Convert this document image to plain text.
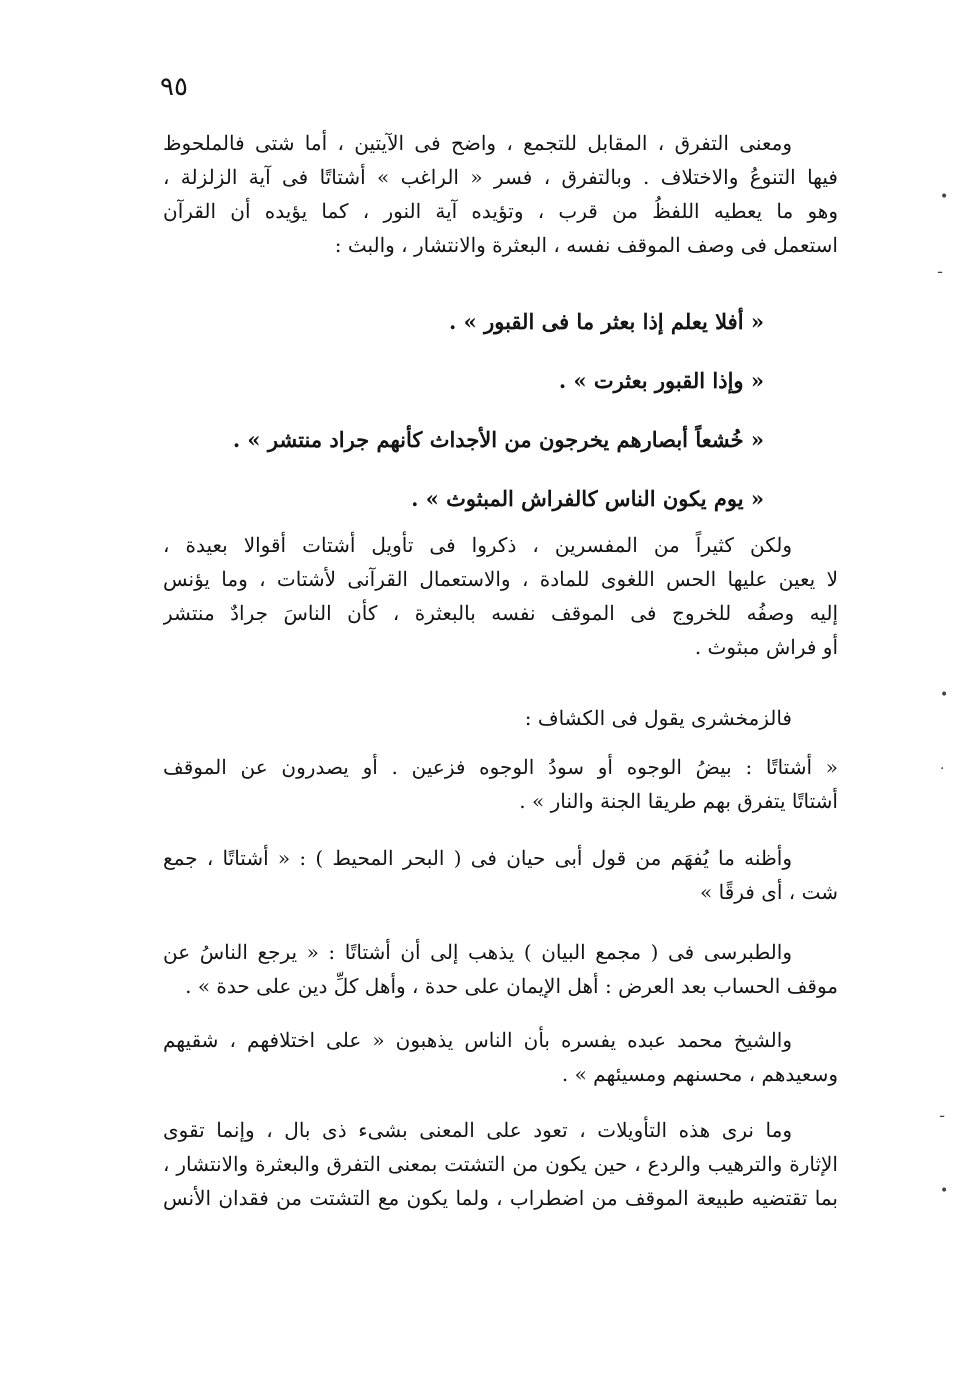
٩٥
ومعنى التفرق ، المقابل للتجمع ، واضح فى الآيتين ، أما شتى فالملحوظ
فيها التنوعُ والاختلاف . وبالتفرق ، فسر « الراغب » أشتاتًا فى آية الزلزلة ،
وهو ما يعطيه اللفظُ من قرب ، وتؤيده آية النور ، كما يؤيده أن القرآن
استعمل فى وصف الموقف نفسه ، البعثرة والانتشار ، والبث :
« أفلا يعلم إذا بعثر ما فى القبور » .
« وإذا القبور بعثرت » .
« خُشعاً أبصارهم يخرجون من الأجداث كأنهم جراد منتشر » .
« يوم يكون الناس كالفراش المبثوث » .
ولكن كثيراً من المفسرين ، ذكروا فى تأويل أشتات أقوالا بعيدة ،
لا يعين عليها الحس اللغوى للمادة ، والاستعمال القرآنى لأشتات ، وما يؤنس
إليه وصفُه للخروج فى الموقف نفسه بالبعثرة ، كأن الناسَ جرادٌ منتشر
أو فراش مبثوث .
فالزمخشرى يقول فى الكشاف :
« أشتاتًا : بيضُ الوجوه أو سودُ الوجوه فزعين . أو يصدرون عن الموقف
أشتاتًا يتفرق بهم طريقا الجنة والنار » .
وأظنه ما يُفهَم من قول أبى حيان فى ( البحر المحيط ) : « أشتاتًا ، جمع
شت ، أى فرقًا »
والطبرسى فى ( مجمع البيان ) يذهب إلى أن أشتاتًا : « يرجع الناسُ عن
موقف الحساب بعد العرض : أهل الإيمان على حدة ، وأهل كلِّ دين على حدة » .
والشيخ محمد عبده يفسره بأن الناس يذهبون « على اختلافهم ، شقيهم
وسعيدهم ، محسنهم ومسيئهم » .
وما نرى هذه التأويلات ، تعود على المعنى بشىء ذى بال ، وإنما تقوى
الإثارة والترهيب والردع ، حين يكون من التشتت بمعنى التفرق والبعثرة والانتشار ،
بما تقتضيه طبيعة الموقف من اضطراب ، ولما يكون مع التشتت من فقدان الأنس
•
ـ
•
·
ـ
•
